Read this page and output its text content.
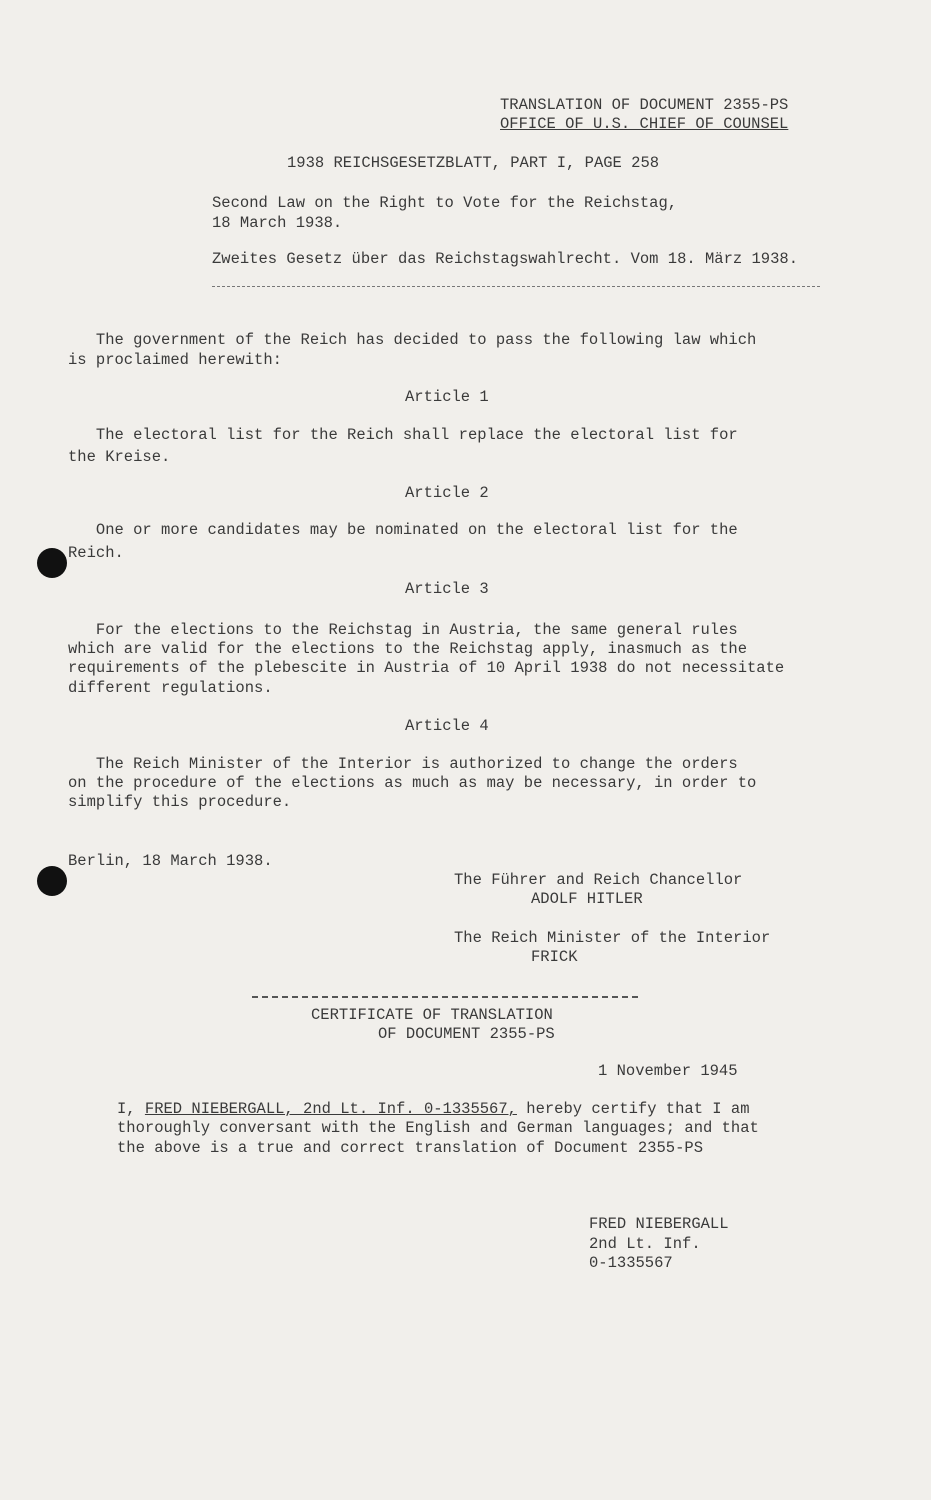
TRANSLATION OF DOCUMENT 2355-PS
OFFICE OF U.S. CHIEF OF COUNSEL
1938 REICHSGESETZBLATT, PART I, PAGE 258
Second Law on the Right to Vote for the Reichstag,
18 March 1938.
Zweites Gesetz über das Reichstagswahlrecht. Vom 18. März 1938.
The government of the Reich has decided to pass the following law which
is proclaimed herewith:
Article 1
The electoral list for the Reich shall replace the electoral list for
the Kreise.
Article 2
One or more candidates may be nominated on the electoral list for the
Reich.
Article 3
For the elections to the Reichstag in Austria, the same general rules
which are valid for the elections to the Reichstag apply, inasmuch as the
requirements of the plebescite in Austria of 10 April 1938 do not necessitate
different regulations.
Article 4
The Reich Minister of the Interior is authorized to change the orders
on the procedure of the elections as much as may be necessary, in order to
simplify this procedure.
Berlin, 18 March 1938.
The Führer and Reich Chancellor
ADOLF HITLER
The Reich Minister of the Interior
FRICK
CERTIFICATE OF TRANSLATION
OF DOCUMENT 2355-PS
1 November 1945
I, FRED NIEBERGALL, 2nd Lt. Inf. 0-1335567, hereby certify that I am
thoroughly conversant with the English and German languages; and that
the above is a true and correct translation of Document 2355-PS
FRED NIEBERGALL
2nd Lt. Inf.
0-1335567
